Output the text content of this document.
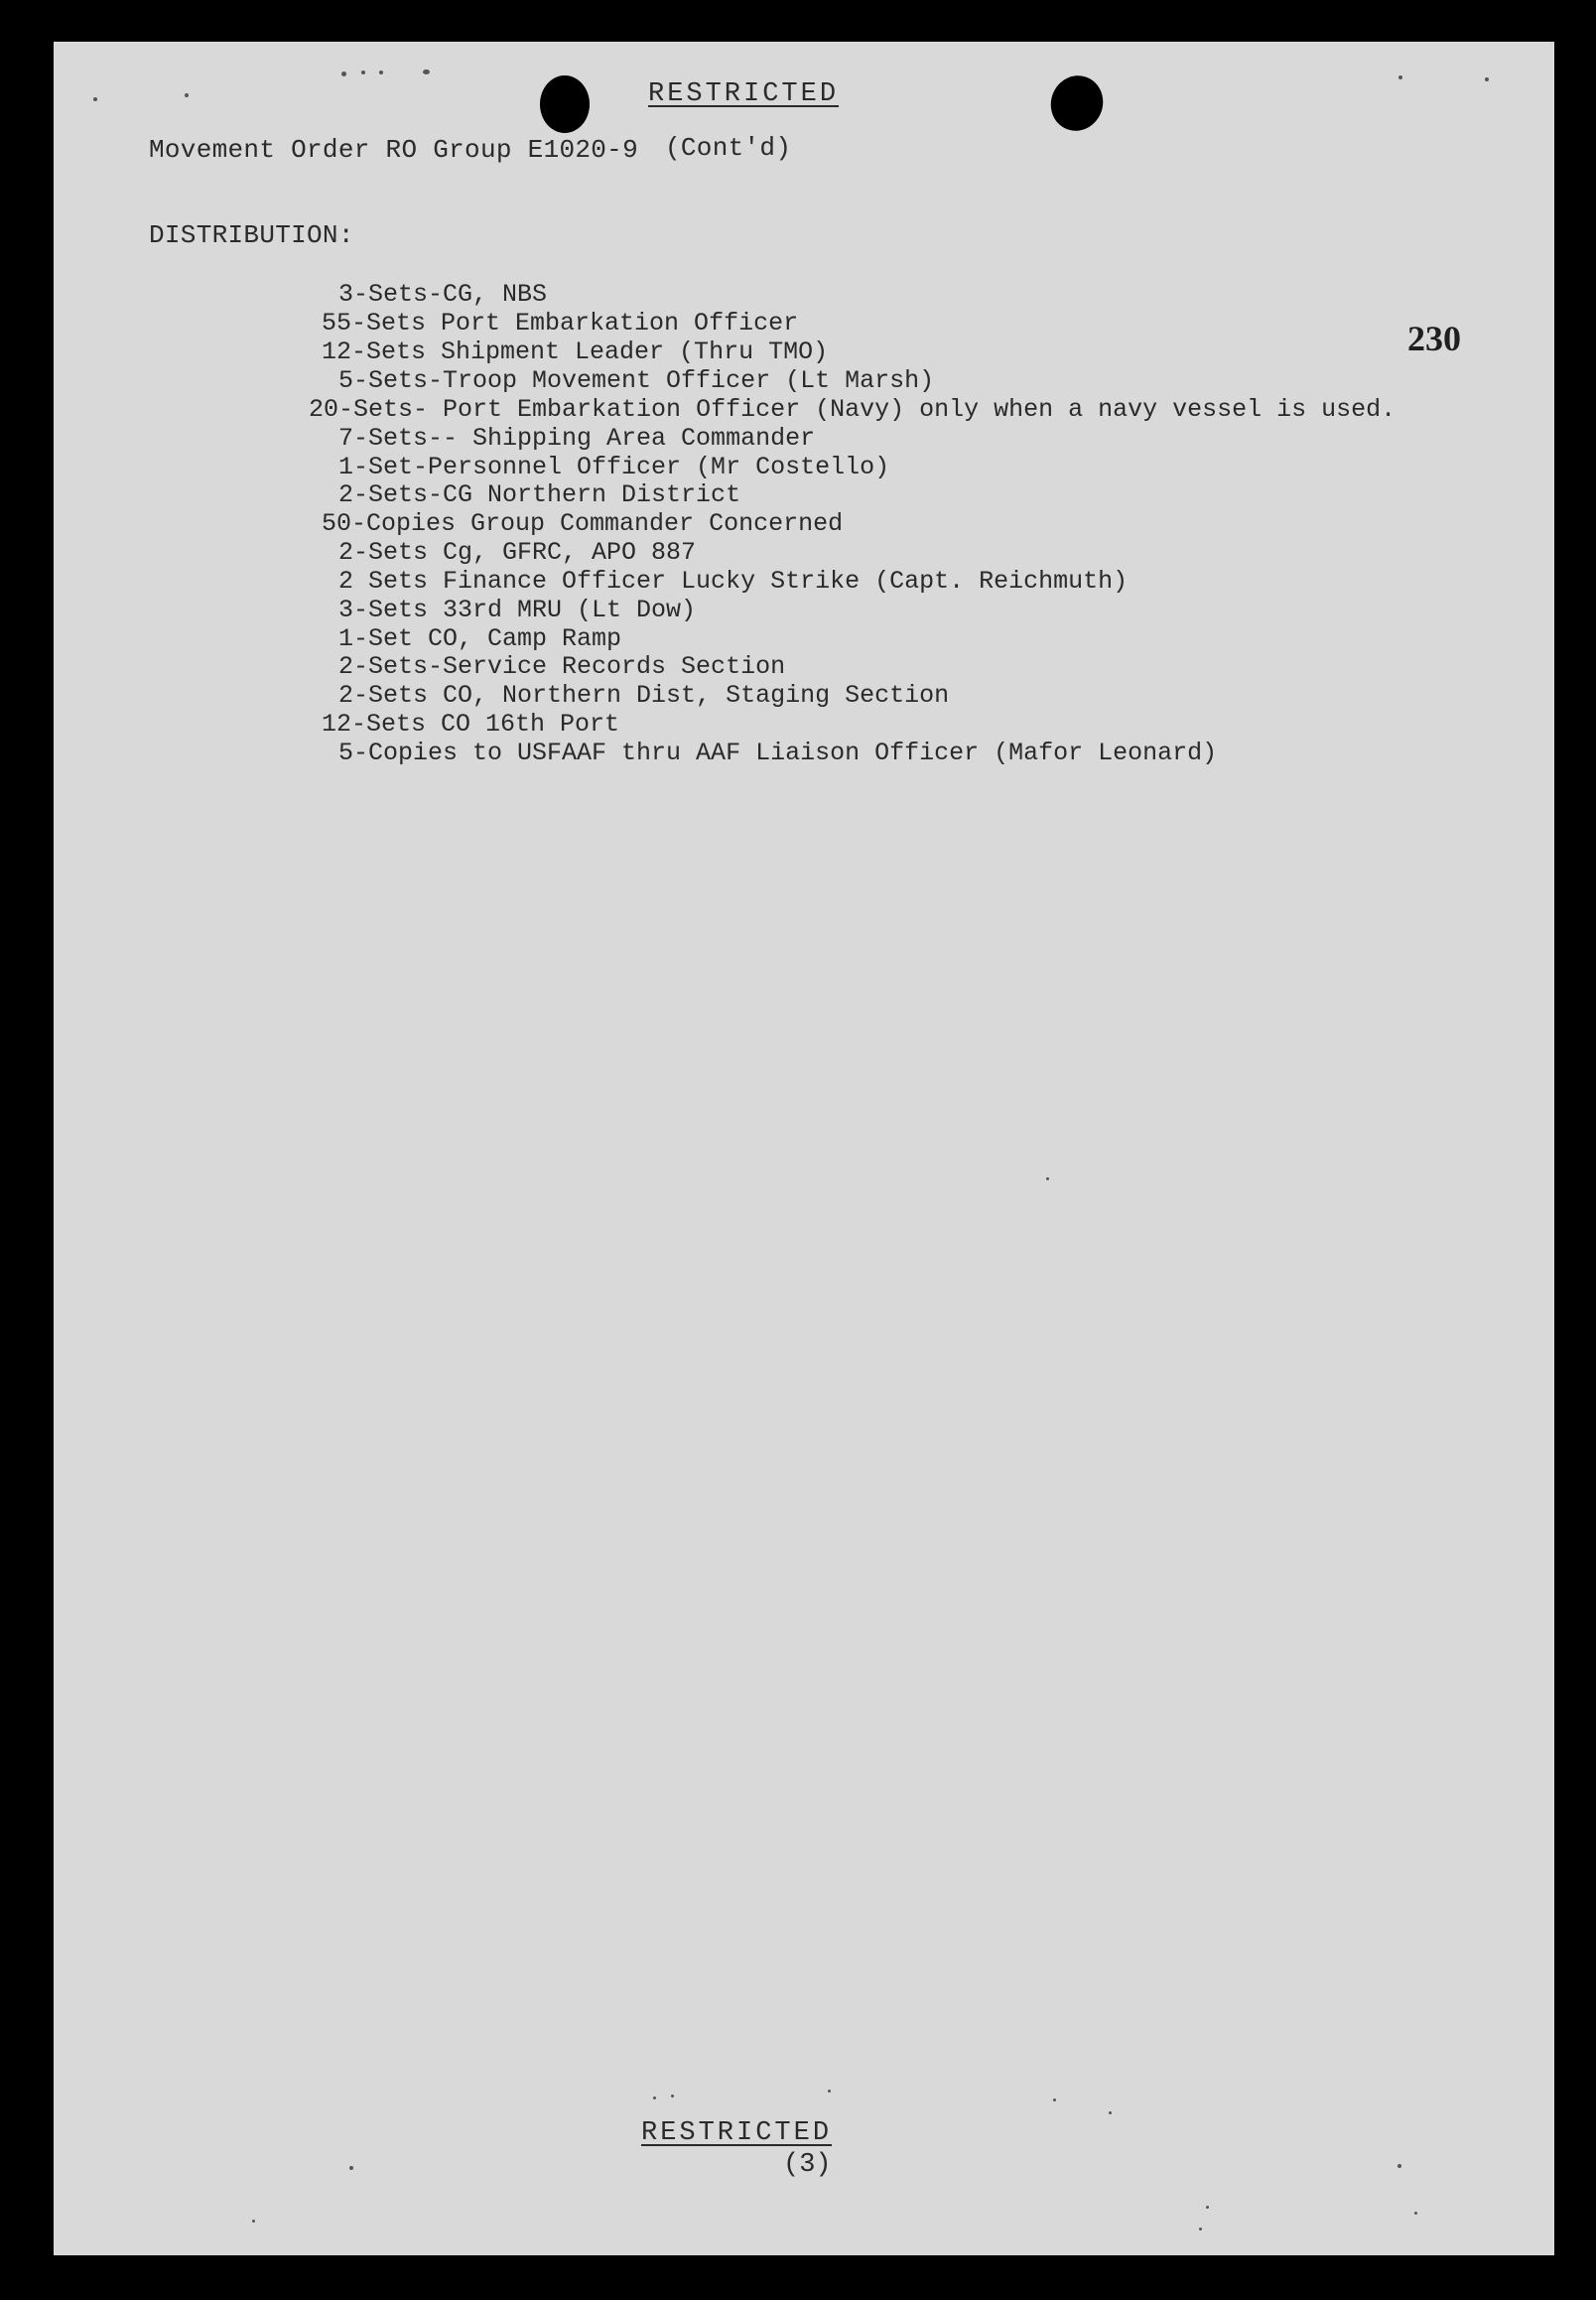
RESTRICTED
Movement Order RO Group E1020-9 (Cont'd)
230
DISTRIBUTION:
3-Sets-CG, NBS
55-Sets Port Embarkation Officer
12-Sets Shipment Leader (Thru TMO)
5-Sets-Troop Movement Officer (Lt Marsh)
20-Sets- Port Embarkation Officer (Navy) only when a navy vessel is used.
7-Sets-- Shipping Area Commander
1-Set-Personnel Officer (Mr Costello)
2-Sets-CG Northern District
50-Copies Group Commander Concerned
2-Sets Cg, GFRC, APO 887
2 Sets Finance Officer Lucky Strike (Capt. Reichmuth)
3-Sets 33rd MRU (Lt Dow)
1-Set CO, Camp Ramp
2-Sets-Service Records Section
2-Sets CO, Northern Dist, Staging Section
12-Sets CO 16th Port
5-Copies to USFAAF thru AAF Liaison Officer (Mafor Leonard)
RESTRICTED
(3)
